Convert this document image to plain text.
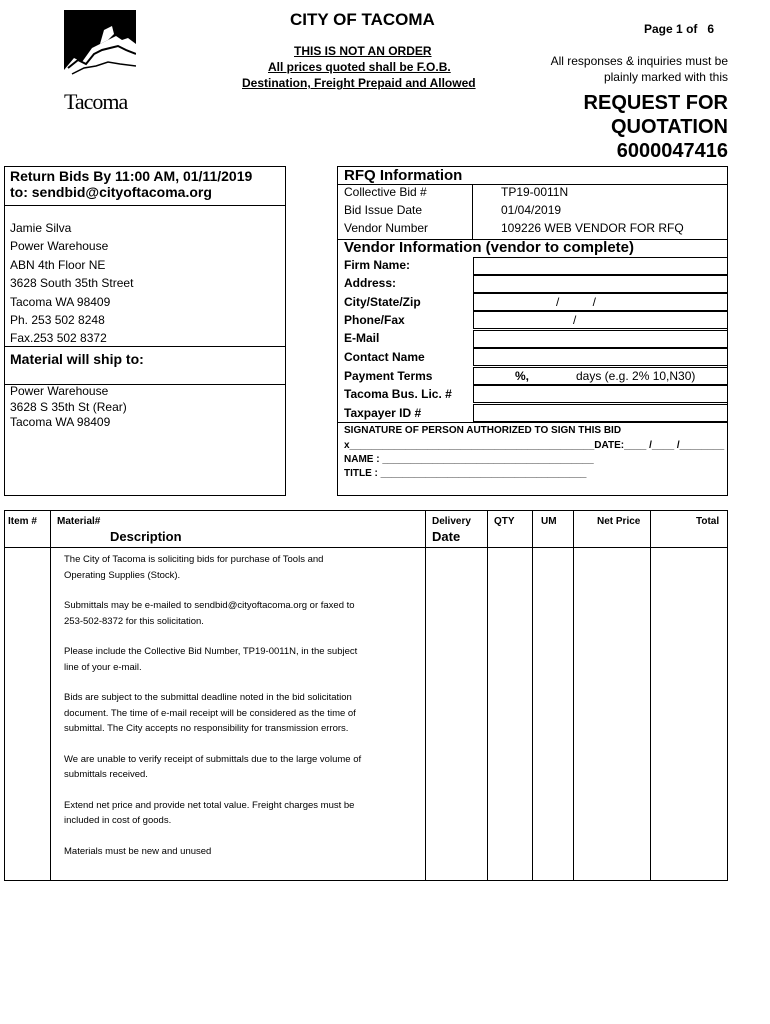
Tacoma
CITY OF TACOMA
THIS IS NOT AN ORDER
All prices quoted shall be F.O.B.
Destination, Freight Prepaid and Allowed
Page 1 of 6
All responses & inquiries must be
plainly marked with this
REQUEST FOR
QUOTATION
6000047416
Return Bids By 11:00 AM, 01/11/2019
to: sendbid@cityoftacoma.org
Jamie Silva
Power Warehouse
ABN 4th Floor NE
3628 South 35th Street
Tacoma WA 98409
Ph. 253 502 8248
Fax.253 502 8372
Material will ship to:
Power Warehouse
3628 S 35th St (Rear)
Tacoma WA 98409
RFQ Information
Collective Bid #	TP19-0011N
Bid Issue Date	01/04/2019
Vendor Number	109226 WEB VENDOR FOR RFQ
Vendor Information (vendor to complete)
Firm Name:
Address:
City/State/Zip	/          /
Phone/Fax	/
E-Mail
Contact Name
Payment Terms	%,	days (e.g. 2% 10,N30)
Tacoma Bus. Lic. #
Taxpayer ID #
SIGNATURE OF PERSON AUTHORIZED TO SIGN THIS BID
x____________________________________________DATE:____ /____ /________
NAME : ______________________________________
TITLE : _____________________________________
Item # Material#
Description
Delivery
Date
QTY	UM	Net Price	Total
The City of Tacoma is soliciting bids for purchase of Tools and
Operating Supplies (Stock).
Submittals may be e-mailed to sendbid@cityoftacoma.org or faxed to
253-502-8372 for this solicitation.
Please include the Collective Bid Number, TP19-0011N, in the subject
line of your e-mail.
Bids are subject to the submittal deadline noted in the bid solicitation
document. The time of e-mail receipt will be considered as the time of
submittal. The City accepts no responsibility for transmission errors.
We are unable to verify receipt of submittals due to the large volume of
submittals received.
Extend net price and provide net total value. Freight charges must be
included in cost of goods.
Materials must be new and unused
